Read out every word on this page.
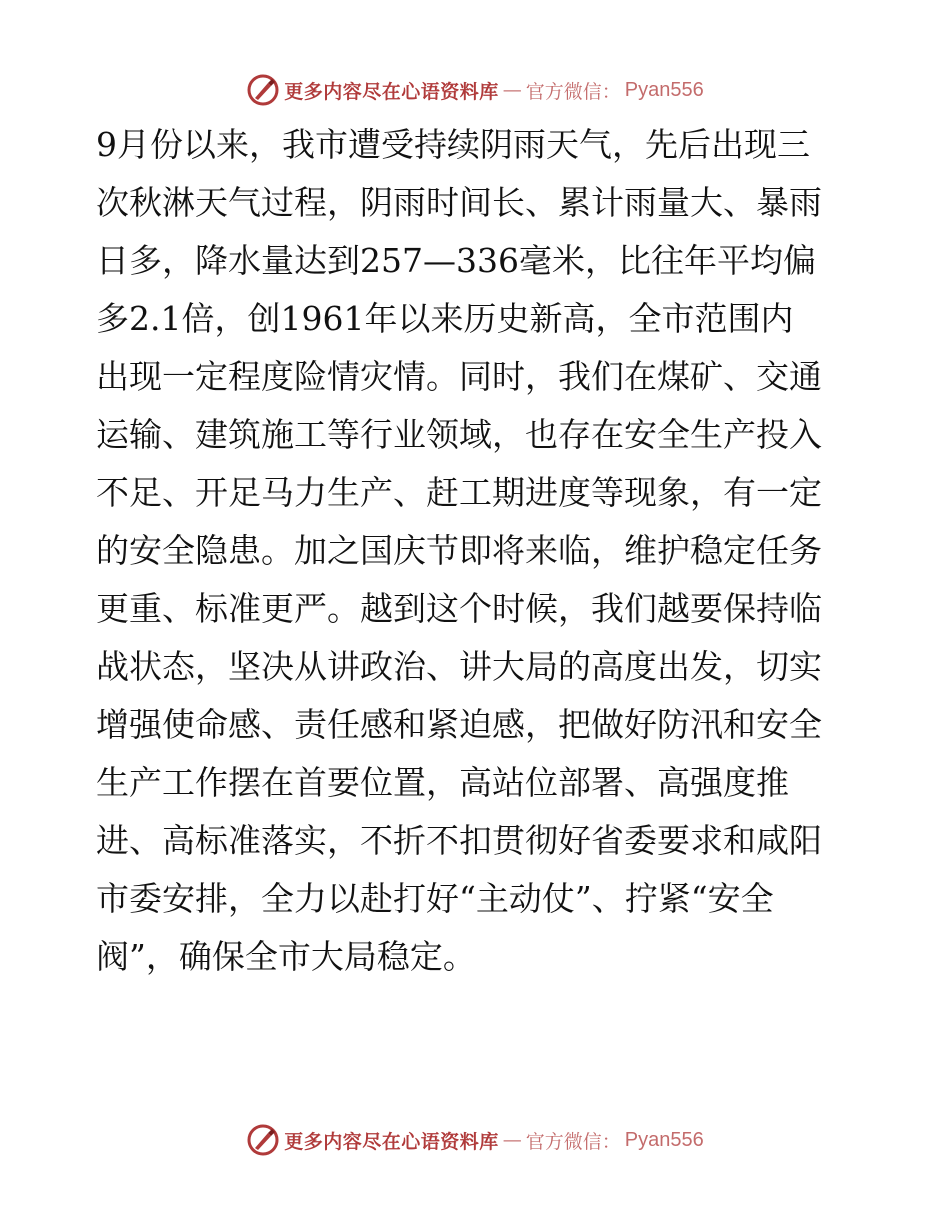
更多内容尽在心语资料库 — 官方微信： Pyan556
9月份以来，我市遭受持续阴雨天气，先后出现三
次秋淋天气过程，阴雨时间长、累计雨量大、暴雨
日多，降水量达到257—336毫米，比往年平均偏
多2.1倍，创1961年以来历史新高，全市范围内
出现一定程度险情灾情。同时，我们在煤矿、交通
运输、建筑施工等行业领域，也存在安全生产投入
不足、开足马力生产、赶工期进度等现象，有一定
的安全隐患。加之国庆节即将来临，维护稳定任务
更重、标准更严。越到这个时候，我们越要保持临
战状态，坚决从讲政治、讲大局的高度出发，切实
增强使命感、责任感和紧迫感，把做好防汛和安全
生产工作摆在首要位置，高站位部署、高强度推
进、高标准落实，不折不扣贯彻好省委要求和咸阳
市委安排，全力以赴打好“主动仗”、拧紧“安全
阀”，确保全市大局稳定。
更多内容尽在心语资料库 — 官方微信： Pyan556
